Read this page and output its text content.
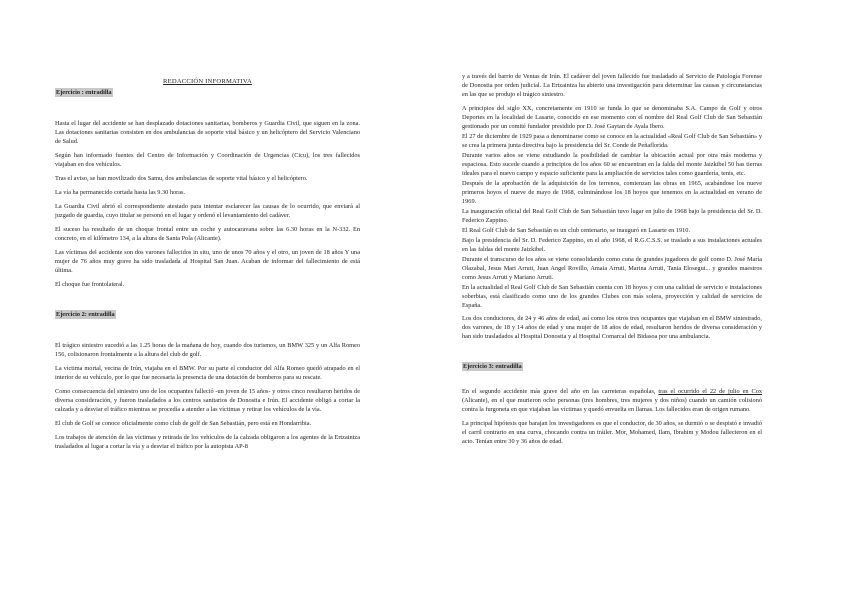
REDACCIÓN INFORMATIVA
Ejercicio : entradilla

Hasta el lugar del accidente se han desplazado dotaciones sanitarias, bomberos y Guardia Civil, que siguen en la zona. Las dotaciones sanitarias consisten en dos ambulancias de soporte vital básico y un helicóptero del Servicio Valenciano de Salud.

Según han informado fuentes del Centro de Información y Coordinación de Urgencias (Cicu), los tres fallecidos viajaban en dos vehículos.

Tras el aviso, se han movilizado dos Samu, dos ambulancias de soporte vital básico y el helicóptero.

La vía ha permanecido cortada hasta las 9.30 horas.

La Guardia Civil abrió el correspondiente atestado para intentar esclarecer las causas de lo ocurrido, que enviará al juzgado de guardia, cuyo titular se personó en el lugar y ordenó el levantamiento del cadáver.

El suceso ha resultado de un choque frontal entre un coche y autocaravana sobre las 6.30 horas en la N-332. En concreto, en el kilómetro 134, a la altura de Santa Pola (Alicante).

Las víctimas del accidente son dos varones fallecidos in situ, uno de unos 70 años y el otro, un joven de 18 años Y una mujer de 76 años muy grave ha sido trasladada al Hospital San Juan. Acaban de informar del fallecimiento de está última.

El choque fue frontolateral.

Ejercicio 2: entradilla

El trágico siniestro sucedió a las 1.25 horas de la mañana de hoy, cuando dos turismos, un BMW 325 y un Alfa Romeo 156, colisionaron frontalmente a la altura del club de golf.

La víctima mortal, vecina de Irún, viajaba en el BMW. Por su parte el conductor del Alfa Romeo quedó atrapado en el interior de su vehículo, por lo que fue necesaria la presencia de una dotación de bomberos para su rescate.

Como consecuencia del siniestro uno de los ocupantes falleció -un joven de 15 años- y otros cinco resultaron heridos de diversa consideración, y fueron trasladados a los centros sanitarios de Donostia e Irún. El accidente obligó a cortar la calzada y a desviar el tráfico mientras se procedía a atender a las víctimas y retirar los vehículos de la vía.

El club de Golf se conoce oficialmente como club de golf de San Sebastián, pero está en Hondarribia.

Los trabajos de atención de las víctimas y retirada de los vehículos de la calzada obligaron a los agentes de la Ertzaintza trasladados al lugar a cortar la vía y a desviar el tráfico por la autopista AP-8

y a través del barrio de Ventas de Irún. El cadáver del joven fallecido fue trasladado al Servicio de Patología Forense de Donostia por orden judicial. La Ertzaintza ha abierto una investigación para determinar las causas y circunstancias en las que se produjo el trágico siniestro.

A principios del siglo XX, concretamente en 1910 se funda lo que se denominaba S.A. Campo de Golf y otros Deportes en la localidad de Lasarte, conocido en ese momento con el nombre del Real Golf Club de San Sebastián gestionado por un comité fundador presidido por D. José Gaytan de Ayala Ibero.

El 27 de diciembre de 1929 pasa a denominarse como se conoce en la actualidad «Real Golf Club de San Sebastián» y se crea la primera junta directiva bajo la presidencia del Sr. Conde de Peñaflorida.

Durante varios años se viene estudiando la posibilidad de cambiar la ubicación actual por otra más moderna y espaciosa. Esto sucede cuando a principios de los años 60 se encuentran en la falda del monte Jaizkibel 50 has tierras ideales para el nuevo campo y espacio suficiente para la ampliación de servicios tales como guardería, tenis, etc.

Después de la aprobación de la adquisición de los terrenos, comienzan las obras en 1965, acabándose los nueve primeros hoyos el nueve de mayo de 1968, culminándose los 18 hoyos que tenemos en la actualidad en verano de 1969.

La inauguración oficial del Real Golf Club de San Sebastián tuvo lugar en julio de 1968 bajo la presidencia del Sr. D. Federico Zappino.

El Real Golf Club de San Sebastián es un club centenario, se inauguró en Lasarte en 1910.

Bajo la presidencia del Sr. D. Federico Zappino, en el año 1968, el R.G.C.S.S. se traslado a sus instalaciones actuales en las faldas del monte Jaizkibel.

Durante el transcurso de los años se viene consolidando como cuna de grandes jugadores de golf como D. José María Olazabal, Jesus Mari Arruti, Juan Angel Rovillo, Amaia Arruti, Marina Arruti, Tania Elosegui... y grandes maestros como Jesus Arruti y Mariano Arruti.

En la actualidad el Real Golf Club de San Sebastián cuenta con 18 hoyos y con una calidad de servicio e instalaciones soberbias, está clasificado como uno de los grandes Clubes con más solera, proyección y calidad de servicios de España.

Los dos conductores, de 24 y 46 años de edad, así como los otros tres ocupantes que viajaban en el BMW siniestrado, dos varones, de 18 y 14 años de edad y una mujer de 18 años de edad, resultaron heridos de diversa consideración y han sido trasladados al Hospital Donostia y al Hospital Comarcal del Bidasoa por una ambulancia.

Ejercicio 3: entradilla

En el segundo accidente más grave del año en las carreteras españolas, tras el ocurrido el 22 de julio en Cox (Alicante), en el que murieron ocho personas (tres hombres, tres mujeres y dos niños) cuando un camión colisionó contra la furgoneta en que viajaban las víctimas y quedó envuelta en llamas. Los fallecidos eran de origen rumano.

La principal hipótesis que barajan los investigadores es que el conductor, de 30 años, se durmió o se despistó e invadió el carril contrario en una curva, chocando contra un tráiler. Mor, Mohamed, Ilam, Ibrahim y Modou fallecieron en el acto. Tenían entre 30 y 36 años de edad.
